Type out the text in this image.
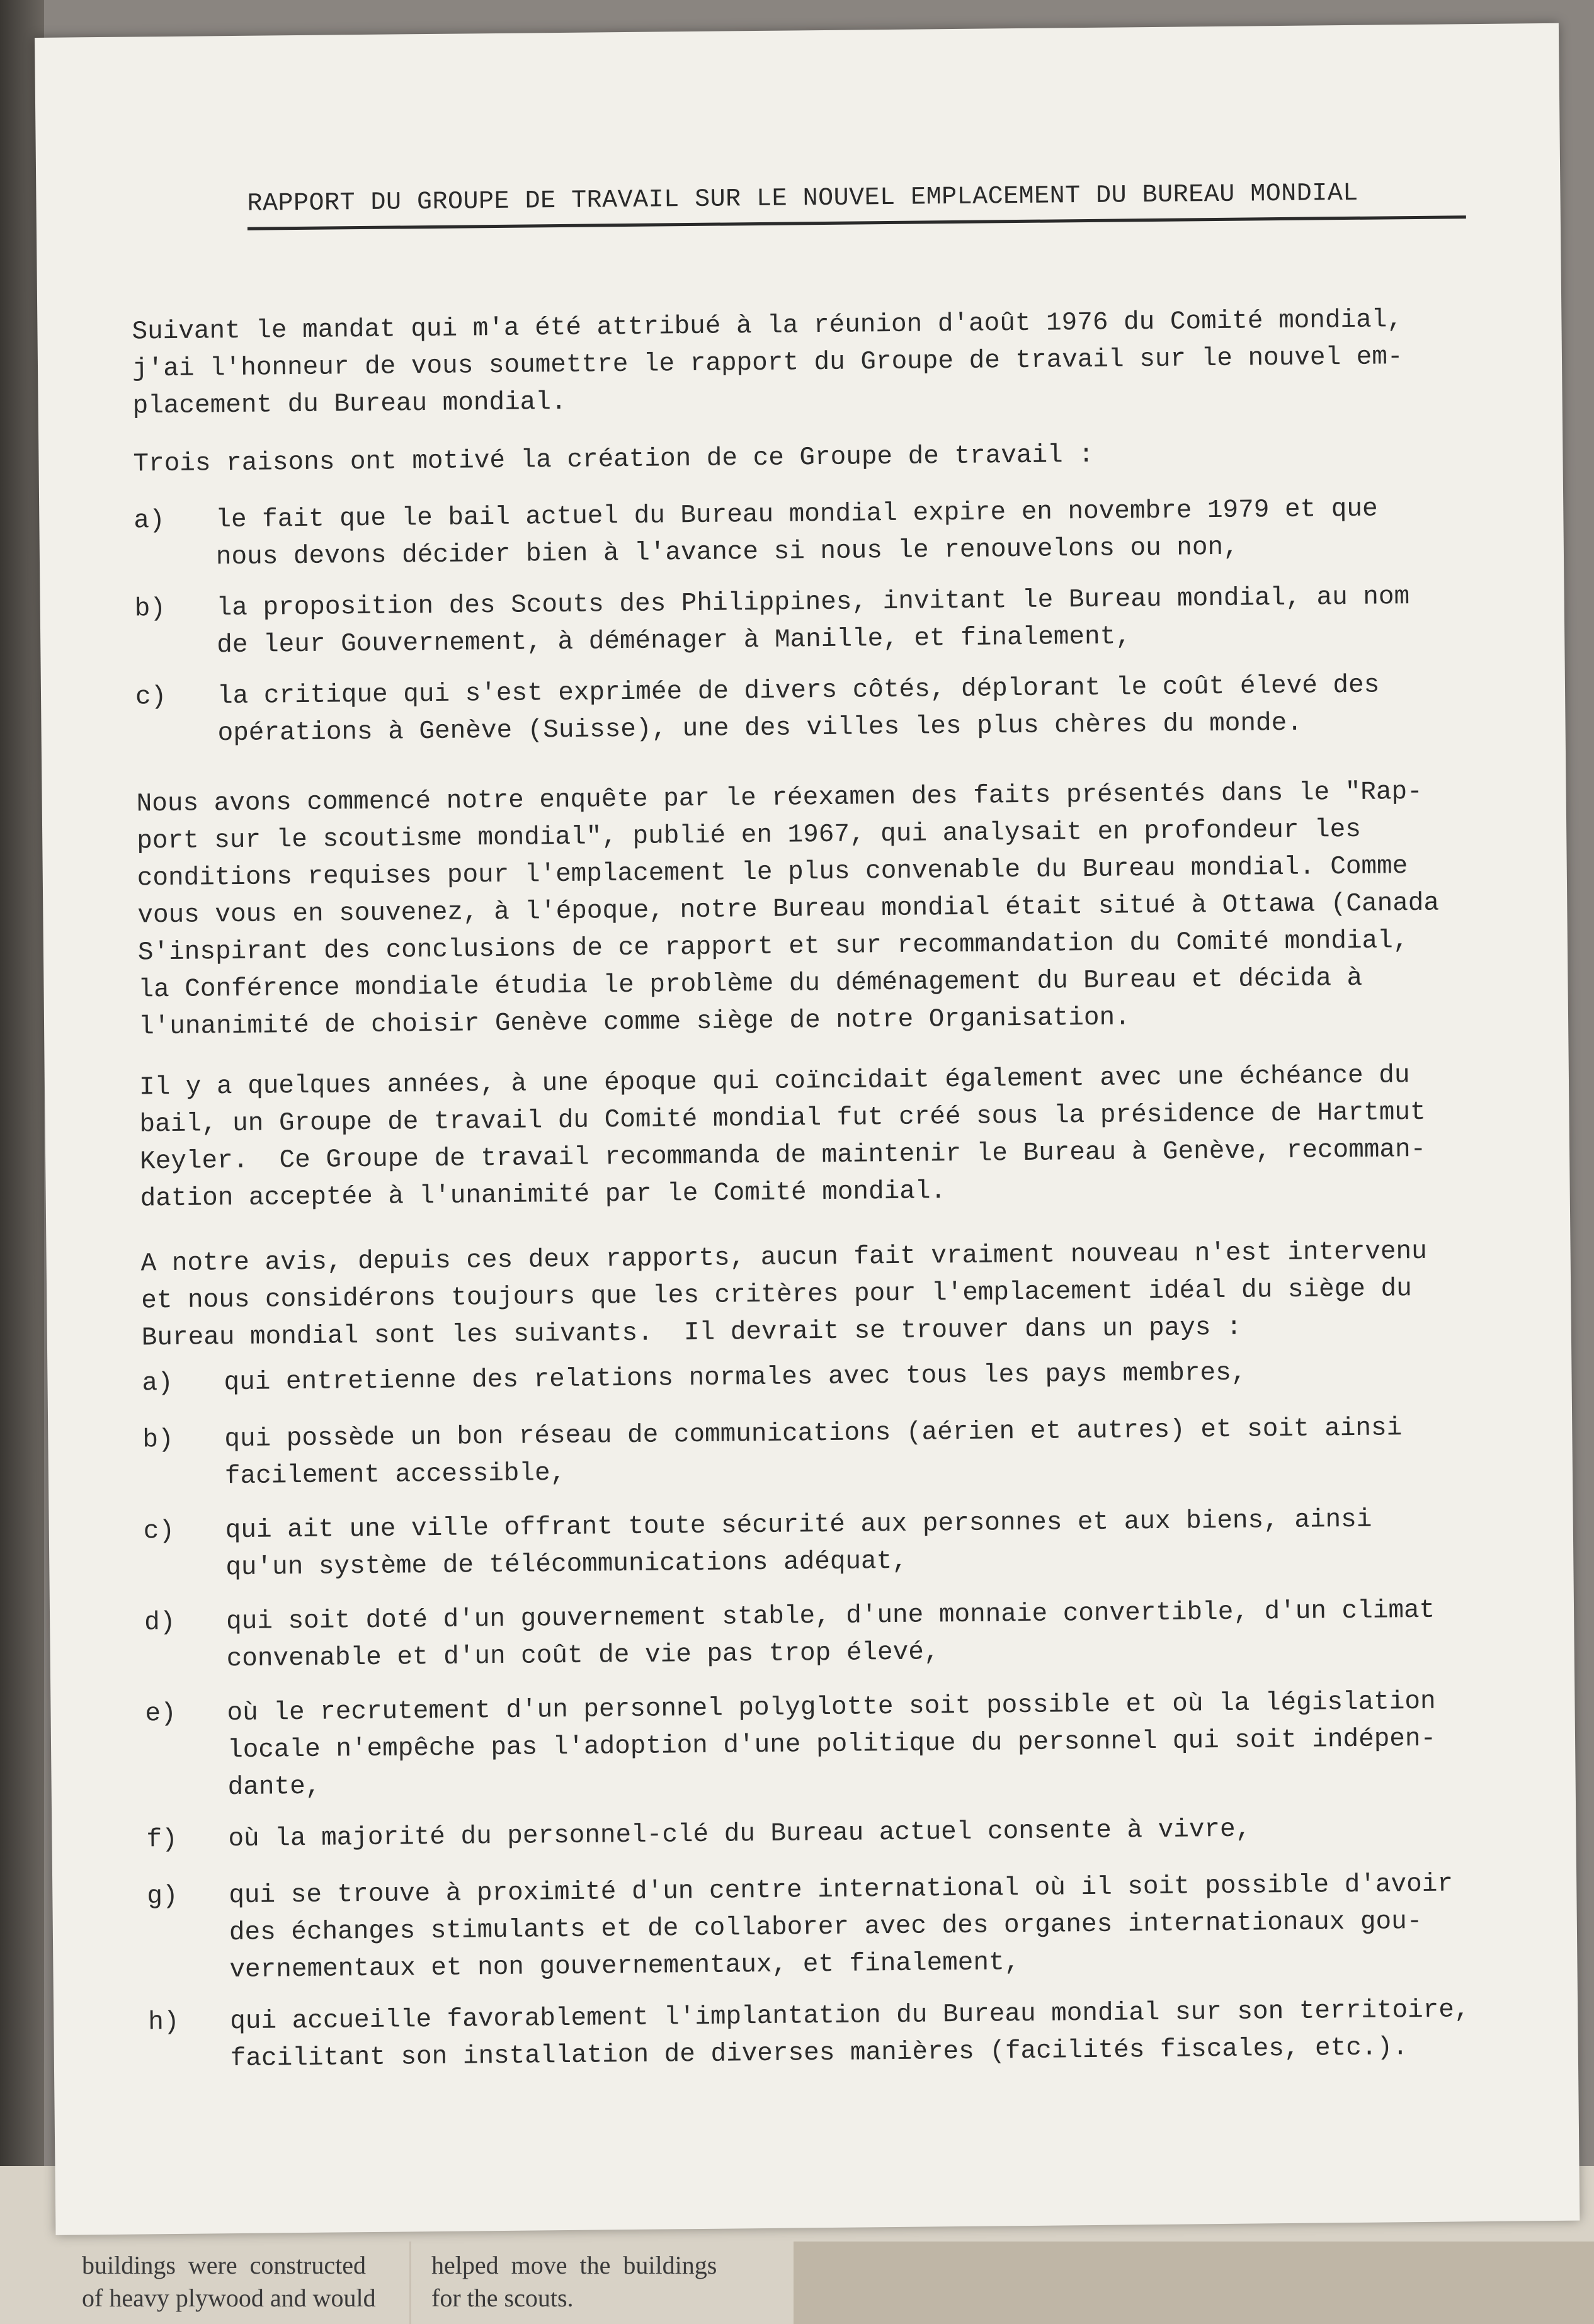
buildings  were  constructed
of heavy plywood and would
helped  move  the  buildings
for the scouts.
RAPPORT DU GROUPE DE TRAVAIL SUR LE NOUVEL EMPLACEMENT DU BUREAU MONDIAL

Suivant le mandat qui m'a été attribué à la réunion d'août 1976 du Comité mondial,
j'ai l'honneur de vous soumettre le rapport du Groupe de travail sur le nouvel em-
placement du Bureau mondial.

Trois raisons ont motivé la création de ce Groupe de travail :

a) le fait que le bail actuel du Bureau mondial expire en novembre 1979 et que
nous devons décider bien à l'avance si nous le renouvelons ou non,

b) la proposition des Scouts des Philippines, invitant le Bureau mondial, au nom
de leur Gouvernement, à déménager à Manille, et finalement,

c) la critique qui s'est exprimée de divers côtés, déplorant le coût élevé des
opérations à Genève (Suisse), une des villes les plus chères du monde.

Nous avons commencé notre enquête par le réexamen des faits présentés dans le "Rap-
port sur le scoutisme mondial", publié en 1967, qui analysait en profondeur les
conditions requises pour l'emplacement le plus convenable du Bureau mondial. Comme
vous vous en souvenez, à l'époque, notre Bureau mondial était situé à Ottawa (Canada
S'inspirant des conclusions de ce rapport et sur recommandation du Comité mondial,
la Conférence mondiale étudia le problème du déménagement du Bureau et décida à
l'unanimité de choisir Genève comme siège de notre Organisation.

Il y a quelques années, à une époque qui coïncidait également avec une échéance du
bail, un Groupe de travail du Comité mondial fut créé sous la présidence de Hartmut
Keyler.  Ce Groupe de travail recommanda de maintenir le Bureau à Genève, recomman-
dation acceptée à l'unanimité par le Comité mondial.

A notre avis, depuis ces deux rapports, aucun fait vraiment nouveau n'est intervenu
et nous considérons toujours que les critères pour l'emplacement idéal du siège du
Bureau mondial sont les suivants.  Il devrait se trouver dans un pays :

a) qui entretienne des relations normales avec tous les pays membres,

b) qui possède un bon réseau de communications (aérien et autres) et soit ainsi
facilement accessible,

c) qui ait une ville offrant toute sécurité aux personnes et aux biens, ainsi
qu'un système de télécommunications adéquat,

d) qui soit doté d'un gouvernement stable, d'une monnaie convertible, d'un climat
convenable et d'un coût de vie pas trop élevé,

e) où le recrutement d'un personnel polyglotte soit possible et où la législation
locale n'empêche pas l'adoption d'une politique du personnel qui soit indépen-
dante,

f) où la majorité du personnel-clé du Bureau actuel consente à vivre,

g) qui se trouve à proximité d'un centre international où il soit possible d'avoir
des échanges stimulants et de collaborer avec des organes internationaux gou-
vernementaux et non gouvernementaux, et finalement,

h) qui accueille favorablement l'implantation du Bureau mondial sur son territoire,
facilitant son installation de diverses manières (facilités fiscales, etc.).
